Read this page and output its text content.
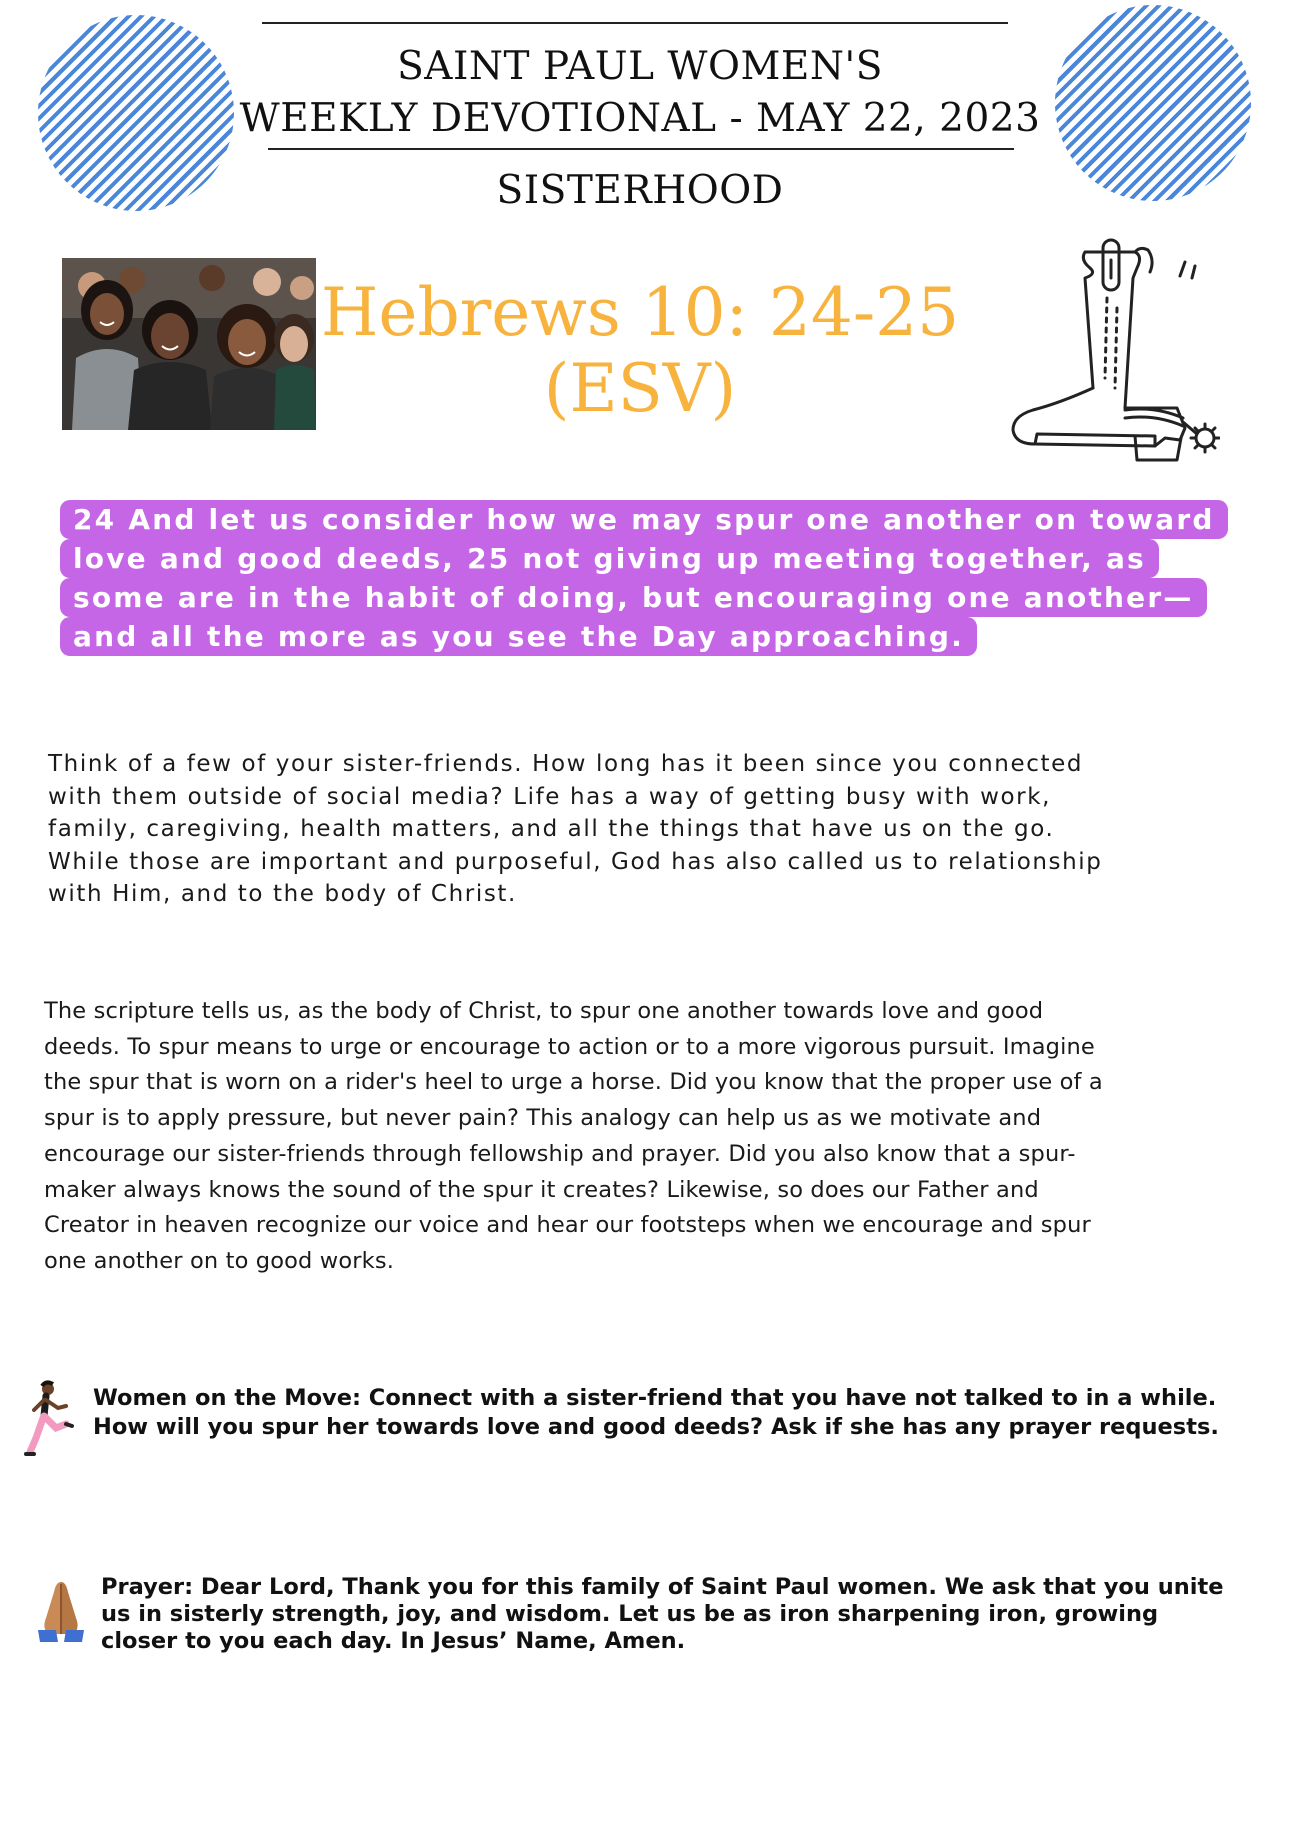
SAINT PAUL WOMEN'S
WEEKLY DEVOTIONAL - MAY 22, 2023
SISTERHOOD
Hebrews 10: 24-25
(ESV)
24 And let us consider how we may spur one another on toward
love and good deeds, 25 not giving up meeting together, as
some are in the habit of doing, but encouraging one another—
and all the more as you see the Day approaching.
Think of a few of your sister-friends. How long has it been since you connected
with them outside of social media? Life has a way of getting busy with work,
family, caregiving, health matters, and all the things that have us on the go.
While those are important and purposeful, God has also called us to relationship
with Him, and to the body of Christ.
The scripture tells us, as the body of Christ, to spur one another towards love and good
deeds. To spur means to urge or encourage to action or to a more vigorous pursuit. Imagine
the spur that is worn on a rider's heel to urge a horse. Did you know that the proper use of a
spur is to apply pressure, but never pain? This analogy can help us as we motivate and
encourage our sister-friends through fellowship and prayer. Did you also know that a spur-
maker always knows the sound of the spur it creates? Likewise, so does our Father and
Creator in heaven recognize our voice and hear our footsteps when we encourage and spur
one another on to good works.
Women on the Move: Connect with a sister-friend that you have not talked to in a while.
How will you spur her towards love and good deeds? Ask if she has any prayer requests.
Prayer: Dear Lord, Thank you for this family of Saint Paul women. We ask that you unite
us in sisterly strength, joy, and wisdom. Let us be as iron sharpening iron, growing
closer to you each day. In Jesus’ Name, Amen.
